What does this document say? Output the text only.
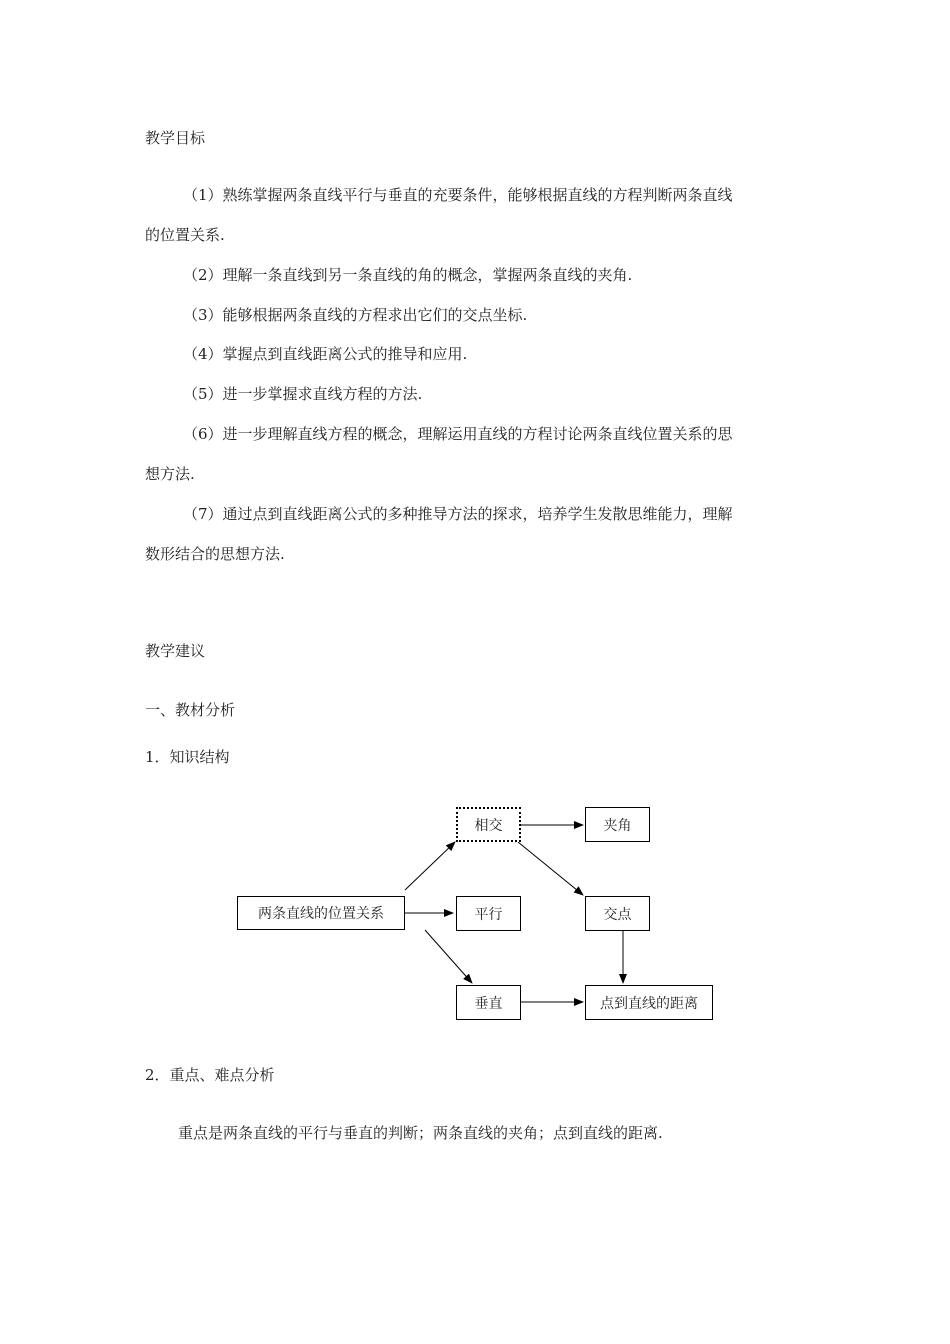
教学目标
（1）熟练掌握两条直线平行与垂直的充要条件，能够根据直线的方程判断两条直线
的位置关系.
（2）理解一条直线到另一条直线的角的概念，掌握两条直线的夹角.
（3）能够根据两条直线的方程求出它们的交点坐标.
（4）掌握点到直线距离公式的推导和应用.
（5）进一步掌握求直线方程的方法.
（6）进一步理解直线方程的概念，理解运用直线的方程讨论两条直线位置关系的思
想方法.
（7）通过点到直线距离公式的多种推导方法的探求，培养学生发散思维能力，理解
数形结合的思想方法.
教学建议
一、教材分析
1．知识结构
两条直线的位置关系
相交
平行
垂直
夹角
交点
点到直线的距离
2．重点、难点分析
重点是两条直线的平行与垂直的判断；两条直线的夹角；点到直线的距离.
